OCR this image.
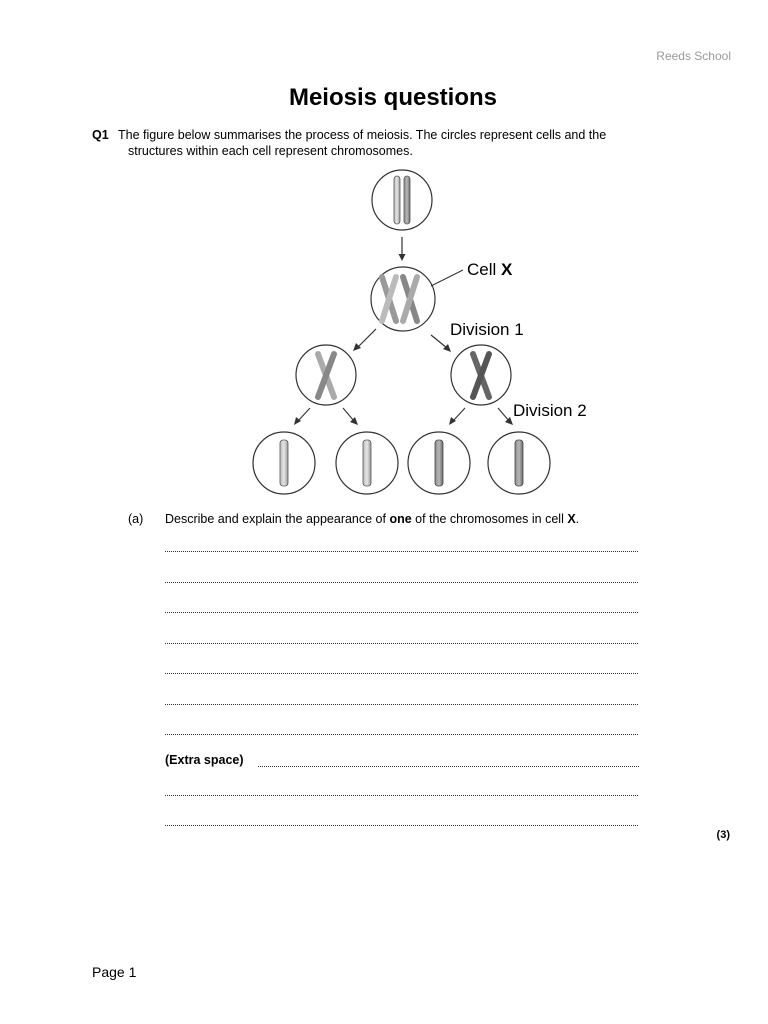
Reeds School
Meiosis questions
Q1 The figure below summarises the process of meiosis. The circles represent cells and the
structures within each cell represent chromosomes.
Cell X
Division 1
Division 2
(a) Describe and explain the appearance of one of the chromosomes in cell X.
(Extra space)
(3)
Page 1
